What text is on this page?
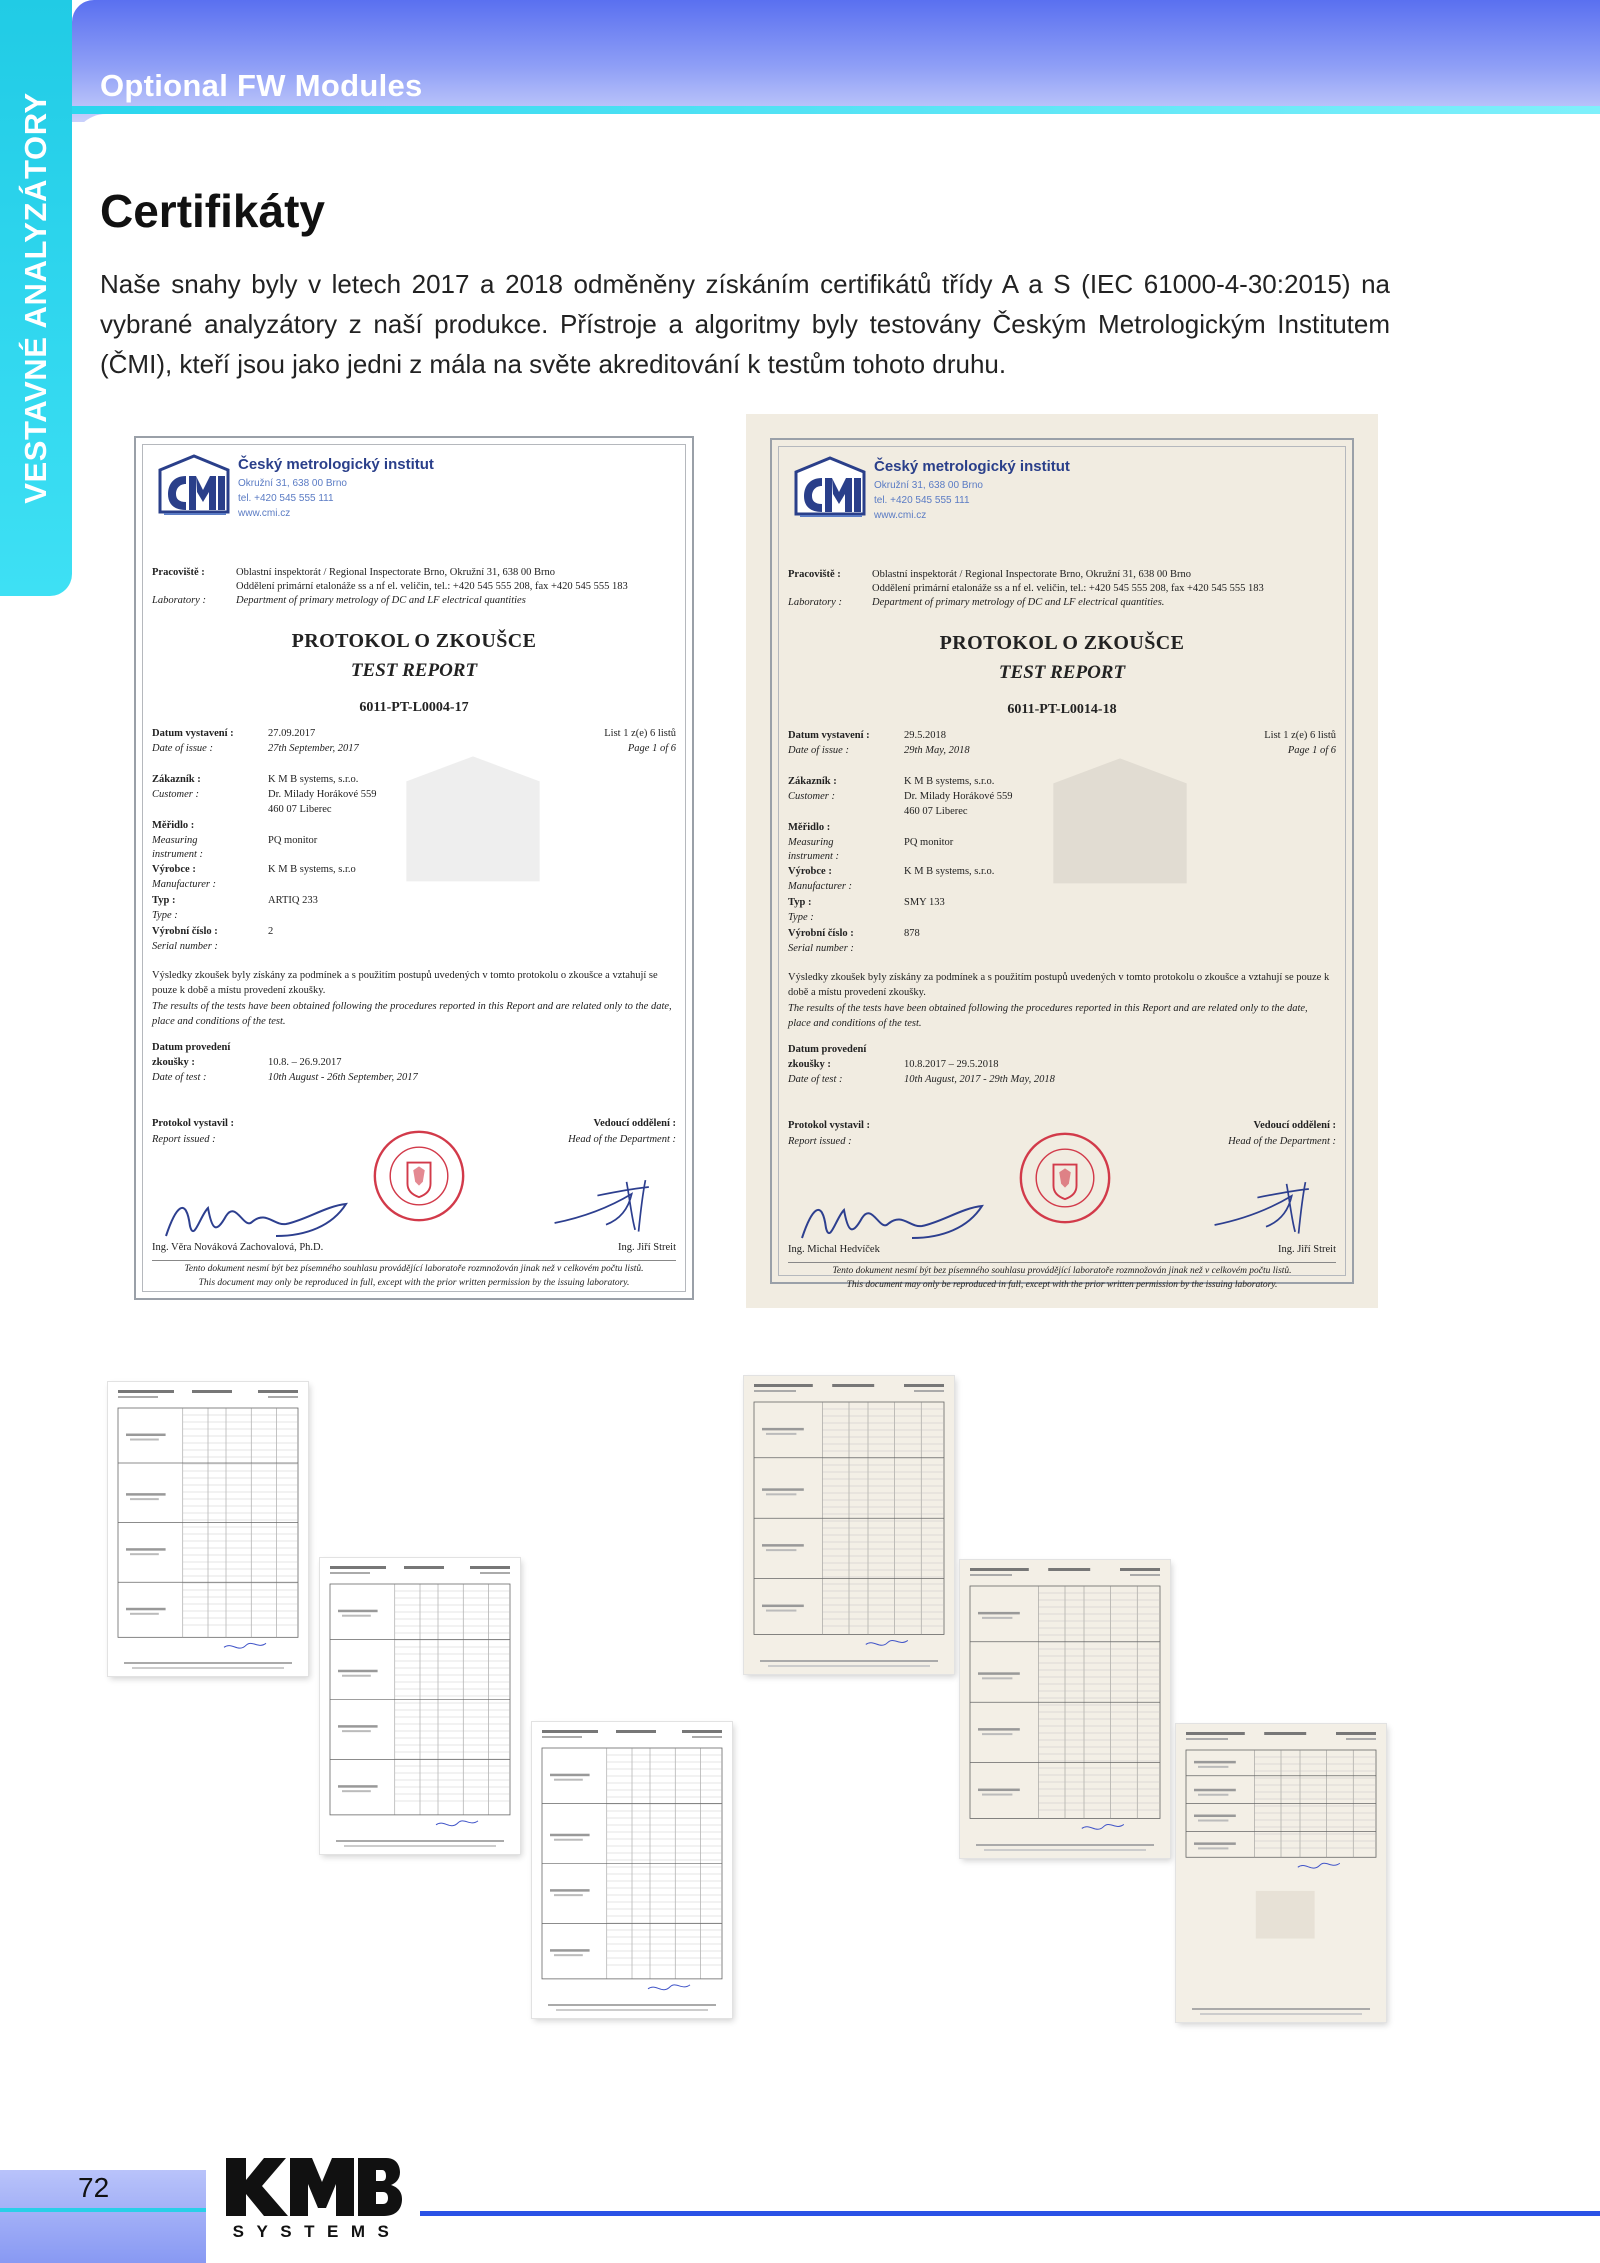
Optional FW Modules
VESTAVNÉ ANALYZÁTORY Certifikáty

Naše snahy byly v letech 2017 a 2018 odměněny získáním certifikátů třídy A a S (IEC 61000-4-30:2015) na vybrané analyzátory z naší produkce. Přístroje a algoritmy byly testovány Českým Metrologickým Institutem (ČMI), kteří jsou jako jedni z mála na světe akreditování k testům tohoto druhu.

Český metrologický institut
Okružní 31, 638 00 Brno
tel. +420 545 555 111
www.cmi.cz
Pracoviště :
Laboratory :
Oblastní inspektorát / Regional Inspectorate Brno, Okružní 31, 638 00 Brno
Oddělení primární etalonáže ss a nf el. veličin, tel.: +420 545 555 208, fax +420 545 555 183
Department of primary metrology of DC and LF electrical quantities
PROTOKOL O ZKOUŠCE
TEST REPORT
6011-PT-L0004-17
Datum vystavení :	27.09.2017	List 1 z(e) 6 listů
Date of issue :	27th September, 2017	Page 1 of 6
Zákazník :	K M B systems, s.r.o.
Customer :	Dr. Milady Horákové 559
460 07 Liberec
Měřidlo :
Measuring	PQ monitor
instrument :
Výrobce :	K M B systems, s.r.o
Manufacturer :
Typ :	ARTIQ 233
Type :
Výrobní číslo :	2
Serial number :
Výsledky zkoušek byly získány za podmínek a s použitím postupů uvedených v tomto protokolu o zkoušce a vztahují se pouze k době a místu provedení zkoušky.
The results of the tests have been obtained following the procedures reported in this Report and are related only to the date, place and conditions of the test.
Datum provedení
zkoušky :	10.8. – 26.9.2017
Date of test :	10th August - 26th September, 2017
Protokol vystavil :	Vedoucí oddělení :
Report issued :	Head of the Department :
Ing. Věra Nováková Zachovalová, Ph.D.	Ing. Jiří Streit
Tento dokument nesmí být bez písemného souhlasu provádějící laboratoře rozmnožován jinak než v celkovém počtu listů.
This document may only be reproduced in full, except with the prior written permission by the issuing laboratory.
Český metrologický institut
Okružní 31, 638 00 Brno
tel. +420 545 555 111
www.cmi.cz
Pracoviště :
Laboratory :
Oblastní inspektorát / Regional Inspectorate Brno, Okružní 31, 638 00 Brno
Oddělení primární etalonáže ss a nf el. veličin, tel.: +420 545 555 208, fax +420 545 555 183
Department of primary metrology of DC and LF electrical quantities.
PROTOKOL O ZKOUŠCE
TEST REPORT
6011-PT-L0014-18
Datum vystavení :	29.5.2018	List 1 z(e) 6 listů
Date of issue :	29th May, 2018	Page 1 of 6
Zákazník :	K M B systems, s.r.o.
Customer :	Dr. Milady Horákové 559
460 07 Liberec
Měřidlo :
Measuring	PQ monitor
instrument :
Výrobce :	K M B systems, s.r.o.
Manufacturer :
Typ :	SMY 133
Type :
Výrobní číslo :	878
Serial number :
Výsledky zkoušek byly získány za podmínek a s použitím postupů uvedených v tomto protokolu o zkoušce a vztahují se pouze k době a místu provedení zkoušky.
The results of the tests have been obtained following the procedures reported in this Report and are related only to the date, place and conditions of the test.
Datum provedení
zkoušky :	10.8.2017 – 29.5.2018
Date of test :	10th August, 2017 - 29th May, 2018
Protokol vystavil :	Vedoucí oddělení :
Report issued :	Head of the Department :
Ing. Michal Hedvíček	Ing. Jiří Streit
Tento dokument nesmí být bez písemného souhlasu provádějící laboratoře rozmnožován jinak než v celkovém počtu listů.
This document may only be reproduced in full, except with the prior written permission by the issuing laboratory.
72
SYSTEMS
